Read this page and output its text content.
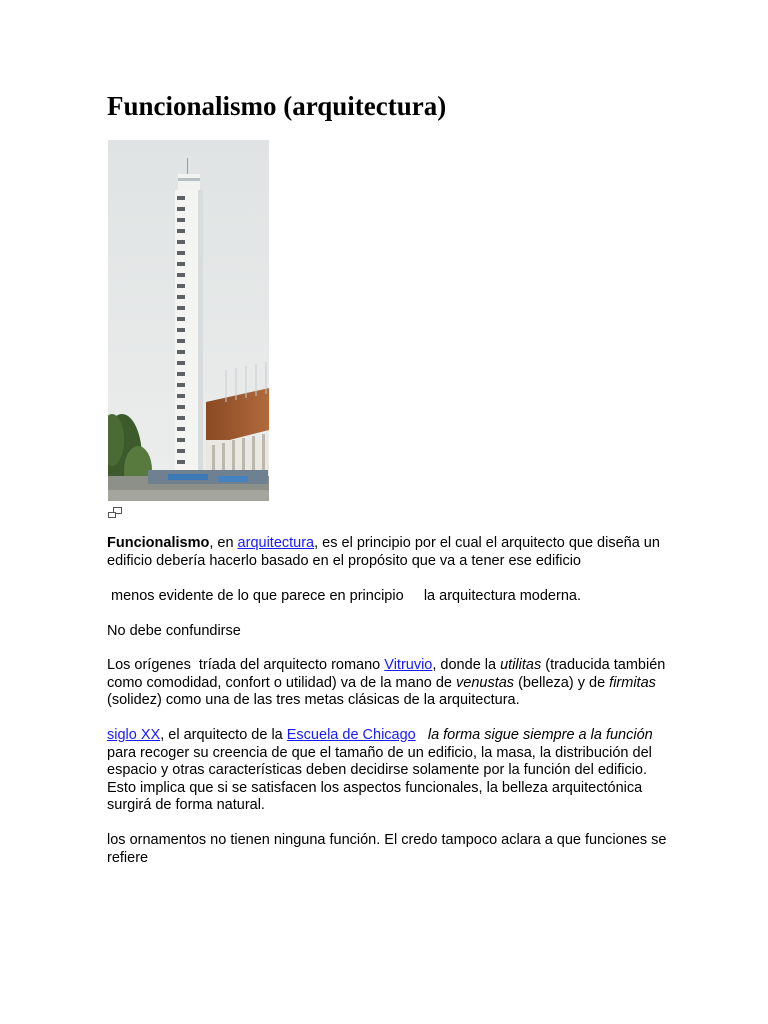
Funcionalismo (arquitectura)
Funcionalismo, en arquitectura, es el principio por el cual el arquitecto que diseña un edificio debería hacerlo basado en el propósito que va a tener ese edificio
menos evidente de lo que parece en principio la arquitectura moderna.
No debe confundirse
Los orígenes  tríada del arquitecto romano Vitruvio, donde la utilitas (traducida también como comodidad, confort o utilidad) va de la mano de venustas (belleza) y de firmitas (solidez) como una de las tres metas clásicas de la arquitectura.
siglo XX, el arquitecto de la Escuela de Chicago la forma sigue siempre a la función para recoger su creencia de que el tamaño de un edificio, la masa, la distribución del espacio y otras características deben decidirse solamente por la función del edificio. Esto implica que si se satisfacen los aspectos funcionales, la belleza arquitectónica surgirá de forma natural.
los ornamentos no tienen ninguna función. El credo tampoco aclara a que funciones se refiere
